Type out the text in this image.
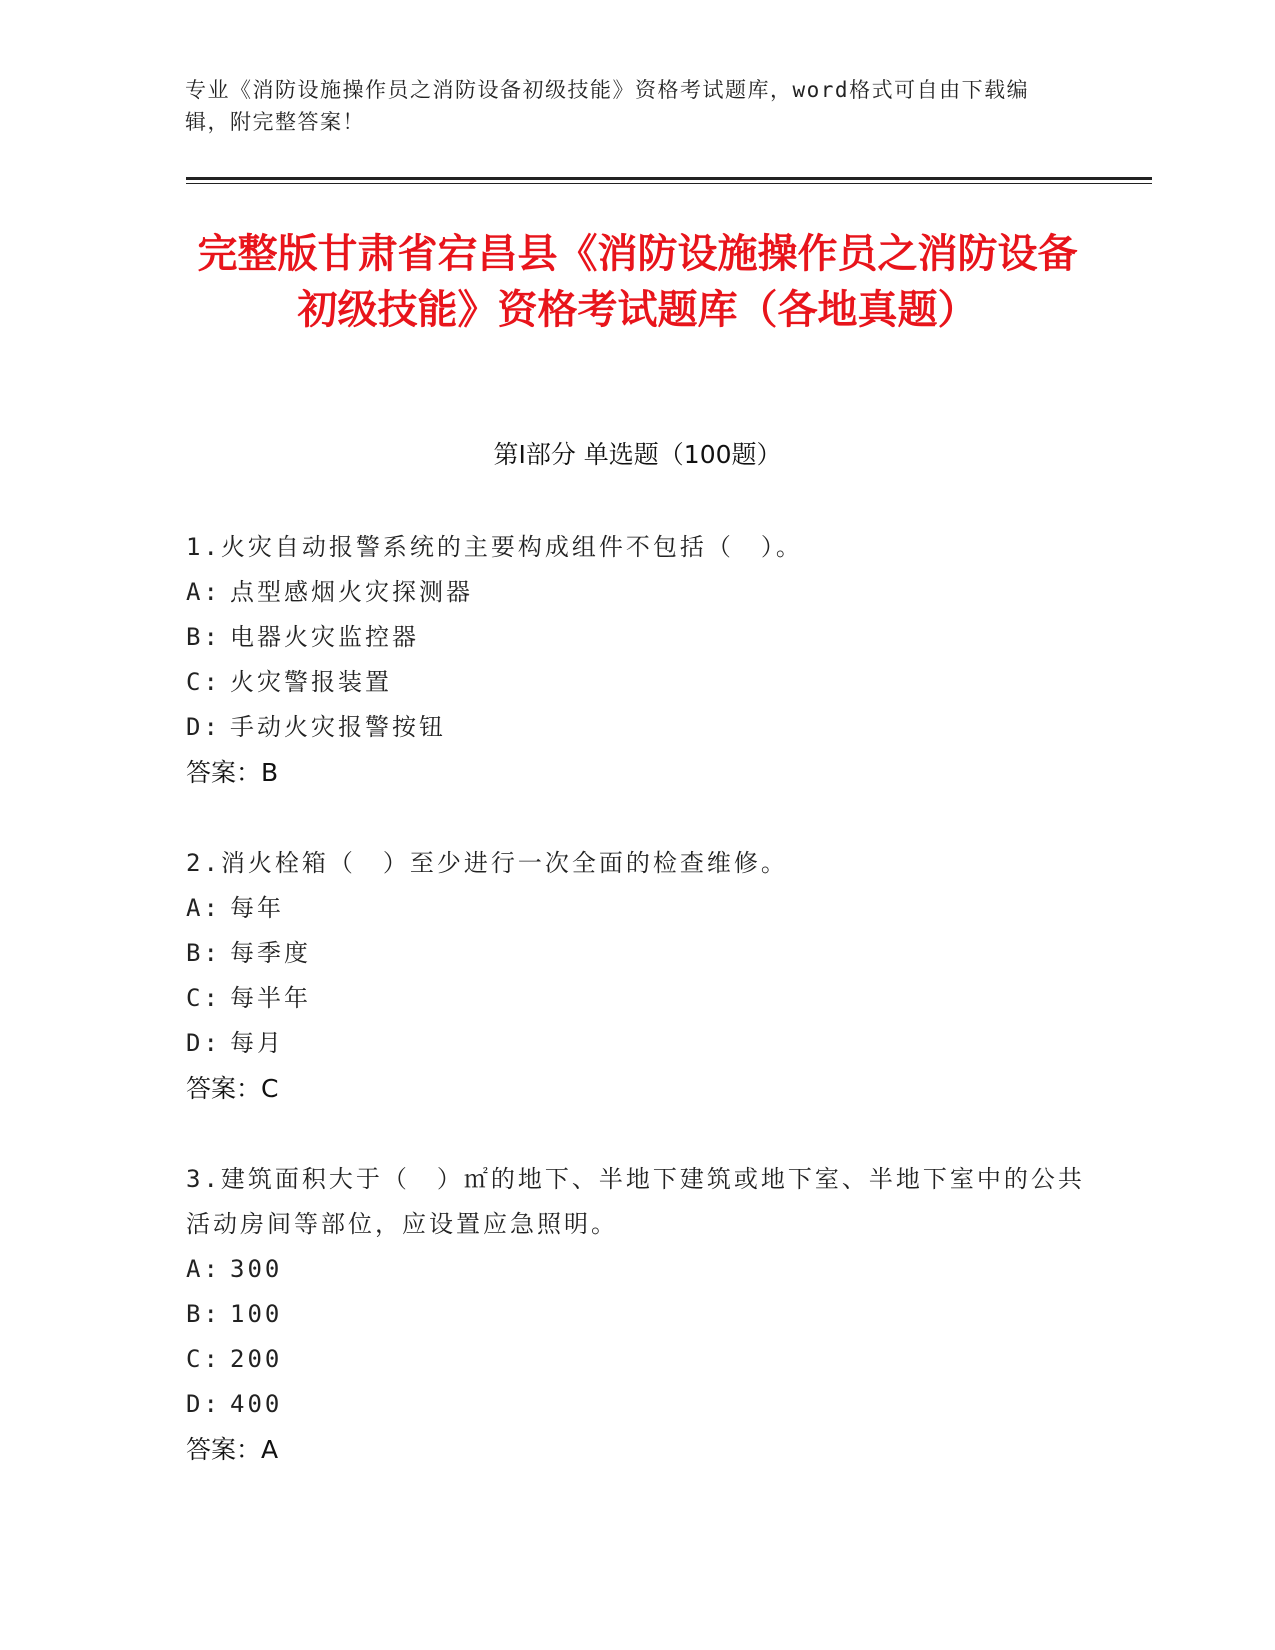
专业《消防设施操作员之消防设备初级技能》资格考试题库，word格式可自由下载编辑，附完整答案！
完整版甘肃省宕昌县《消防设施操作员之消防设备初级技能》资格考试题库（各地真题）
第I部分 单选题（100题）
1.火灾自动报警系统的主要构成组件不包括（　）。
A: 点型感烟火灾探测器
B: 电器火灾监控器
C: 火灾警报装置
D: 手动火灾报警按钮
答案：B
2.消火栓箱（　）至少进行一次全面的检查维修。
A: 每年
B: 每季度
C: 每半年
D: 每月
答案：C
3.建筑面积大于（　）㎡的地下、半地下建筑或地下室、半地下室中的公共活动房间等部位，应设置应急照明。
A: 300
B: 100
C: 200
D: 400
答案：A
